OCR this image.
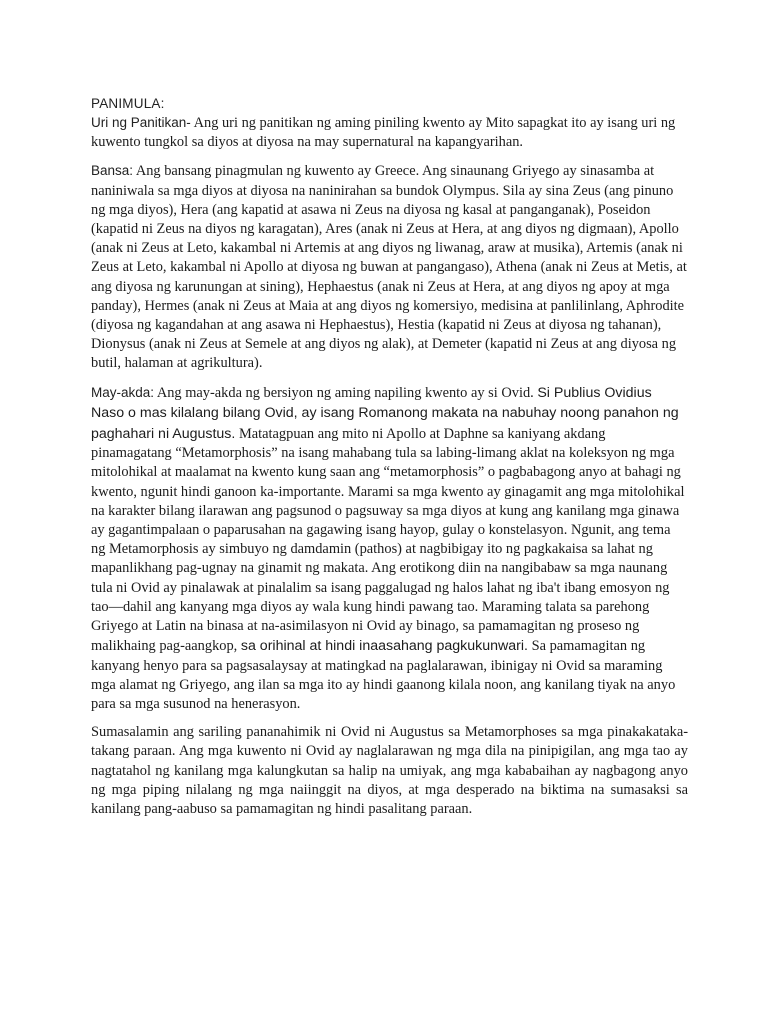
PANIMULA:

Uri ng Panitikan- Ang uri ng panitikan ng aming piniling kwento ay Mito sapagkat ito ay isang uri ng kuwento tungkol sa diyos at diyosa na may supernatural na kapangyarihan.

Bansa: Ang bansang pinagmulan ng kuwento ay Greece. Ang sinaunang Griyego ay sinasamba at naniniwala sa mga diyos at diyosa na naninirahan sa bundok Olympus. Sila ay sina Zeus (ang pinuno ng mga diyos), Hera (ang kapatid at asawa ni Zeus na diyosa ng kasal at panganganak), Poseidon (kapatid ni Zeus na diyos ng karagatan), Ares (anak ni Zeus at Hera, at ang diyos ng digmaan), Apollo (anak ni Zeus at Leto, kakambal ni Artemis at ang diyos ng liwanag, araw at musika), Artemis (anak ni Zeus at Leto, kakambal ni Apollo at diyosa ng buwan at pangangaso), Athena (anak ni Zeus at Metis, at ang diyosa ng karunungan at sining), Hephaestus (anak ni Zeus at Hera, at ang diyos ng apoy at mga panday), Hermes (anak ni Zeus at Maia at ang diyos ng komersiyo, medisina at panlilinlang, Aphrodite (diyosa ng kagandahan at ang asawa ni Hephaestus), Hestia (kapatid ni Zeus at diyosa ng tahanan), Dionysus (anak ni Zeus at Semele at ang diyos ng alak), at Demeter (kapatid ni Zeus at ang diyosa ng butil, halaman at agrikultura).

May-akda: Ang may-akda ng bersiyon ng aming napiling kwento ay si Ovid. Si Publius Ovidius Naso o mas kilalang bilang Ovid, ay isang Romanong makata na nabuhay noong panahon ng paghahari ni Augustus. Matatagpuan ang mito ni Apollo at Daphne sa kaniyang akdang pinamagatang “Metamorphosis” na isang mahabang tula sa labing-limang aklat na koleksyon ng mga mitolohikal at maalamat na kwento kung saan ang “metamorphosis” o pagbabagong anyo at bahagi ng kwento, ngunit hindi ganoon ka-importante. Marami sa mga kwento ay ginagamit ang mga mitolohikal na karakter bilang ilarawan ang pagsunod o pagsuway sa mga diyos at kung ang kanilang mga ginawa ay gagantimpalaan o paparusahan na gagawing isang hayop, gulay o konstelasyon. Ngunit, ang tema ng Metamorphosis ay simbuyo ng damdamin (pathos) at nagbibigay ito ng pagkakaisa sa lahat ng mapanlikhang pag-ugnay na ginamit ng makata. Ang erotikong diin na nangibabaw sa mga naunang tula ni Ovid ay pinalawak at pinalalim sa isang paggalugad ng halos lahat ng iba't ibang emosyon ng tao—dahil ang kanyang mga diyos ay wala kung hindi pawang tao. Maraming talata sa parehong Griyego at Latin na binasa at na-asimilasyon ni Ovid ay binago, sa pamamagitan ng proseso ng malikhaing pag-aangkop, sa orihinal at hindi inaasahang pagkukunwari. Sa pamamagitan ng kanyang henyo para sa pagsasalaysay at matingkad na paglalarawan, ibinigay ni Ovid sa maraming mga alamat ng Griyego, ang ilan sa mga ito ay hindi gaanong kilala noon, ang kanilang tiyak na anyo para sa mga susunod na henerasyon.

Sumasalamin ang sariling pananahimik ni Ovid ni Augustus sa Metamorphoses sa mga pinakakataka-takang paraan. Ang mga kuwento ni Ovid ay naglalarawan ng mga dila na pinipigilan, ang mga tao ay nagtatahol ng kanilang mga kalungkutan sa halip na umiyak, ang mga kababaihan ay nagbagong anyo ng mga piping nilalang ng mga naiinggit na diyos, at mga desperado na biktima na sumasaksi sa kanilang pang-aabuso sa pamamagitan ng hindi pasalitang paraan.
